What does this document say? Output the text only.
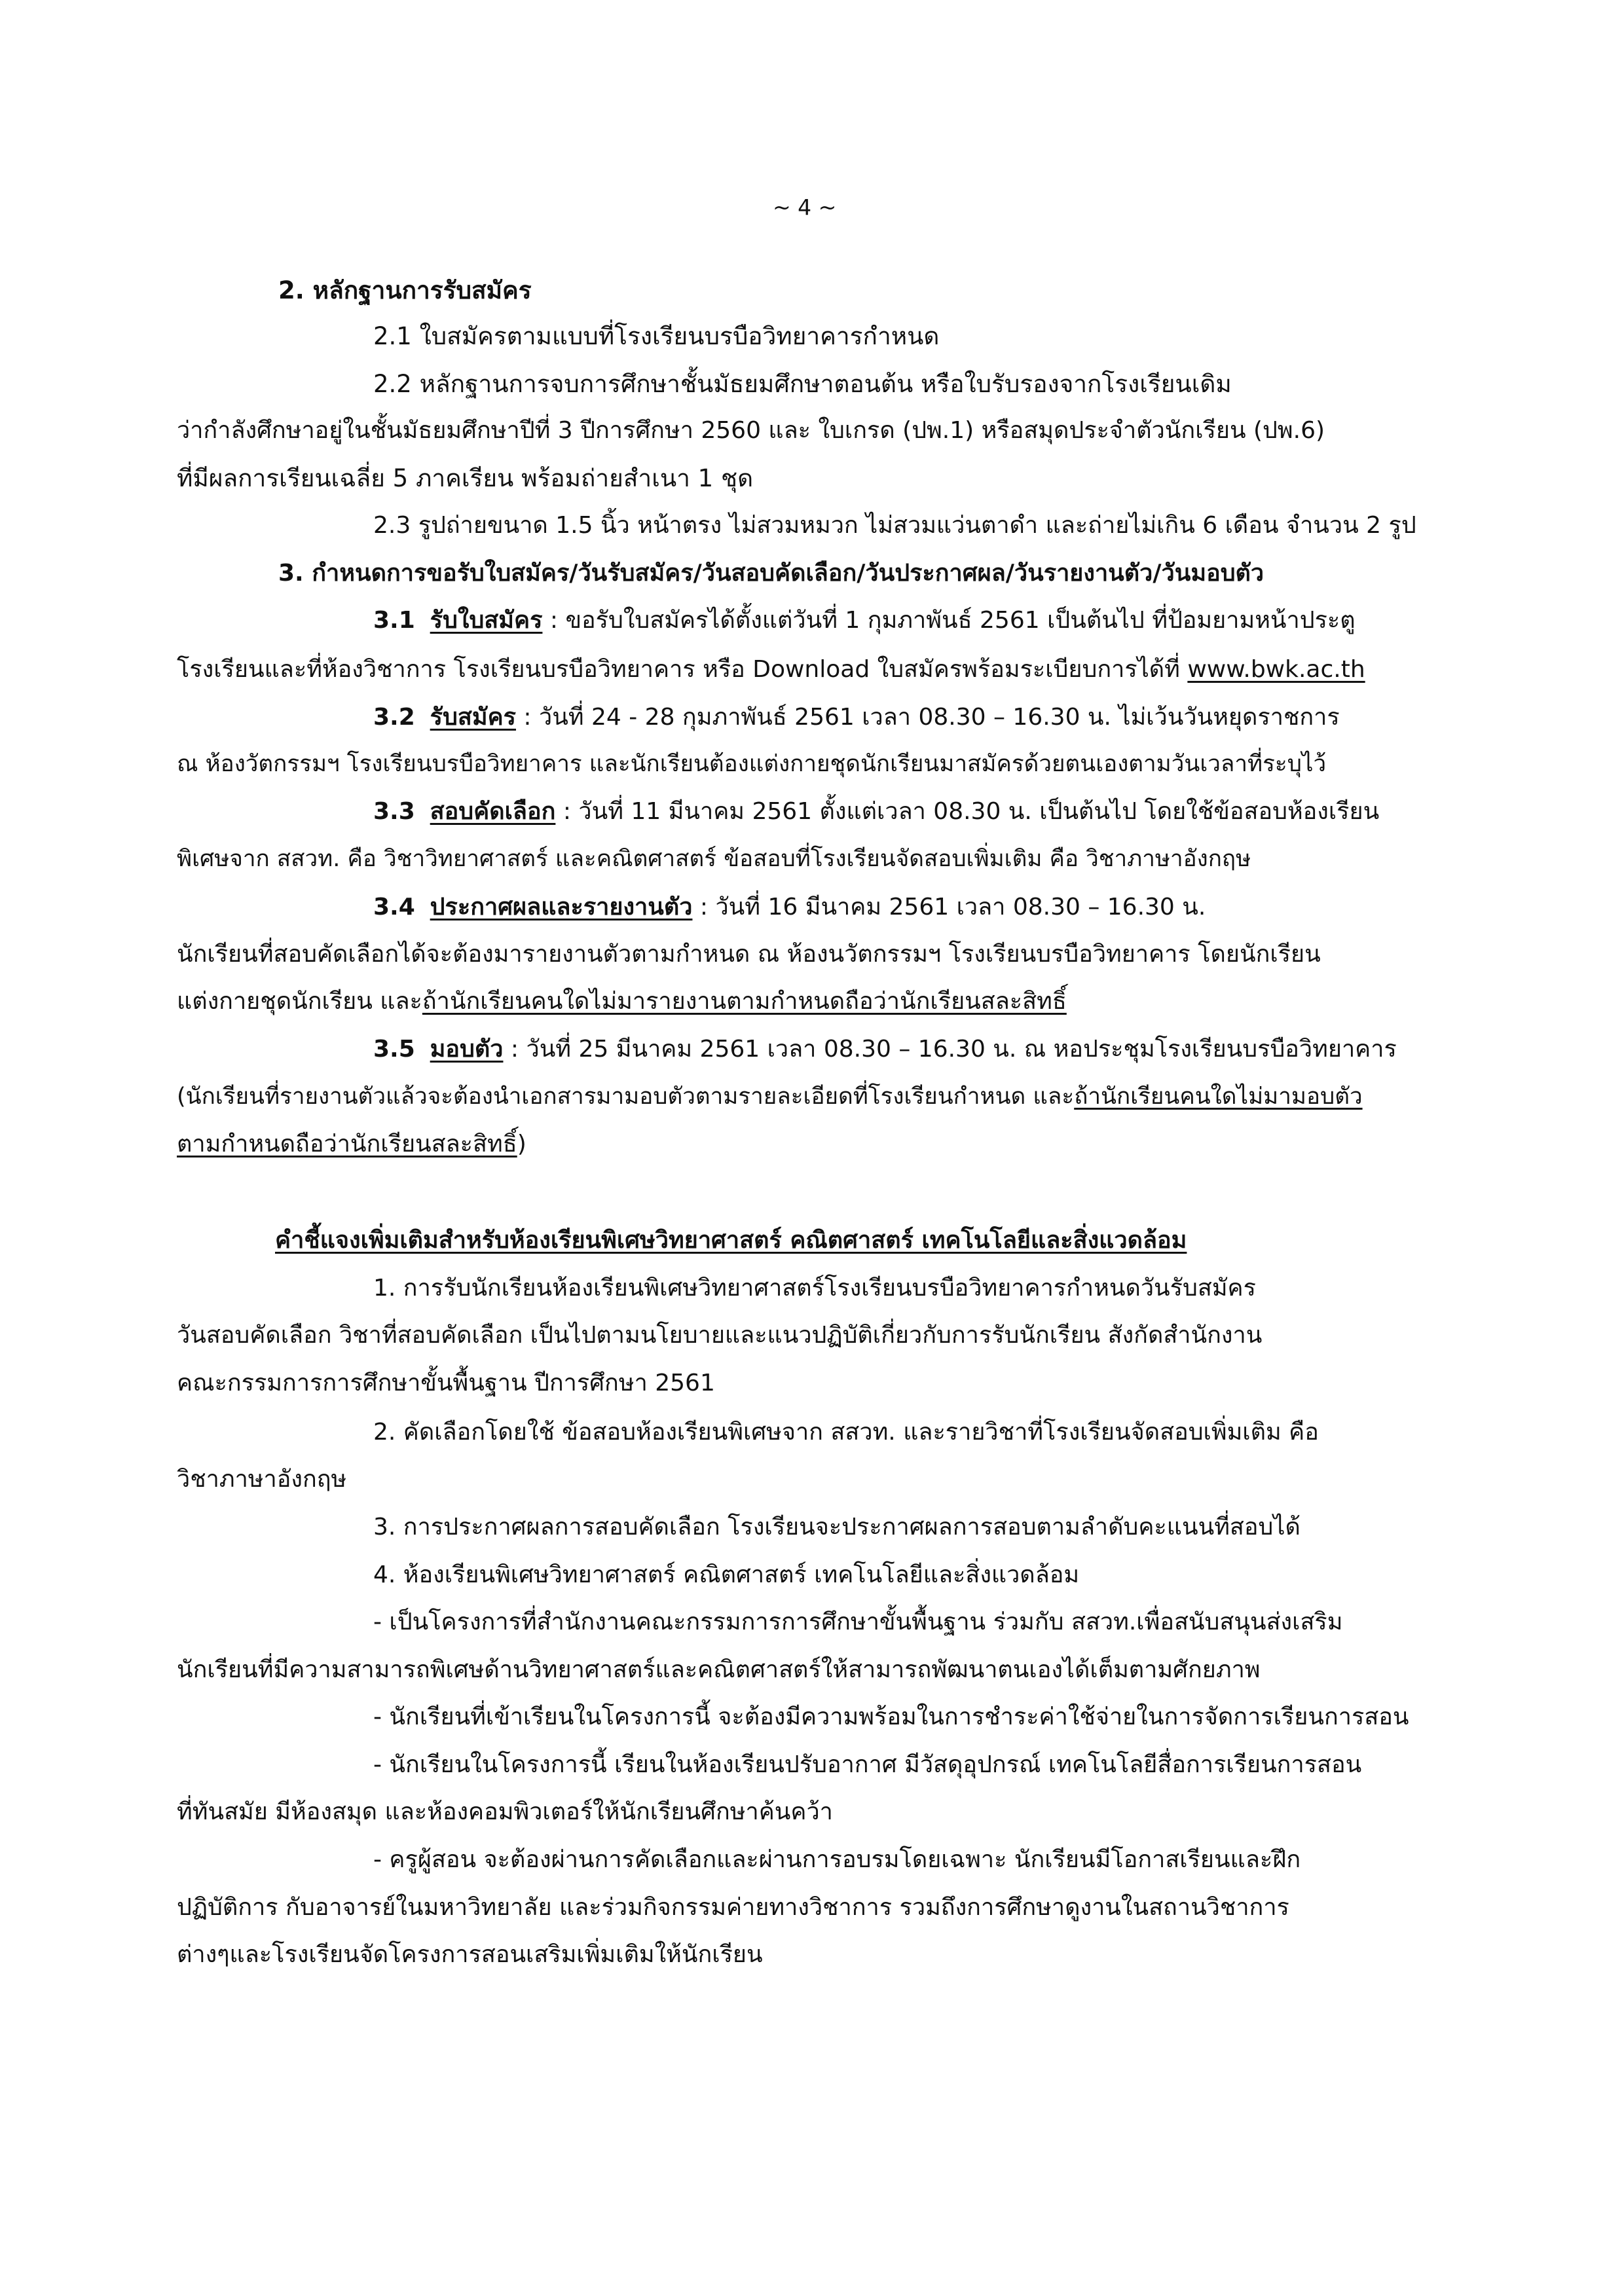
~ 4 ~
2. หลักฐานการรับสมัคร
2.1 ใบสมัครตามแบบที่โรงเรียนบรบือวิทยาคารกำหนด
2.2 หลักฐานการจบการศึกษาชั้นมัธยมศึกษาตอนต้น หรือใบรับรองจากโรงเรียนเดิม
ว่ากำลังศึกษาอยู่ในชั้นมัธยมศึกษาปีที่ 3 ปีการศึกษา 2560 และ ใบเกรด (ปพ.1) หรือสมุดประจำตัวนักเรียน (ปพ.6)
ที่มีผลการเรียนเฉลี่ย 5 ภาคเรียน พร้อมถ่ายสำเนา 1 ชุด
2.3 รูปถ่ายขนาด 1.5 นิ้ว หน้าตรง ไม่สวมหมวก ไม่สวมแว่นตาดำ และถ่ายไม่เกิน 6 เดือน จำนวน 2 รูป
3. กำหนดการขอรับใบสมัคร/วันรับสมัคร/วันสอบคัดเลือก/วันประกาศผล/วันรายงานตัว/วันมอบตัว
3.1 รับใบสมัคร : ขอรับใบสมัครได้ตั้งแต่วันที่ 1 กุมภาพันธ์ 2561 เป็นต้นไป ที่ป้อมยามหน้าประตู
โรงเรียนและที่ห้องวิชาการ โรงเรียนบรบือวิทยาคาร หรือ Download ใบสมัครพร้อมระเบียบการได้ที่ www.bwk.ac.th
3.2 รับสมัคร : วันที่ 24 - 28 กุมภาพันธ์ 2561 เวลา 08.30 – 16.30 น. ไม่เว้นวันหยุดราชการ
ณ ห้องวัตกรรมฯ โรงเรียนบรบือวิทยาคาร และนักเรียนต้องแต่งกายชุดนักเรียนมาสมัครด้วยตนเองตามวันเวลาที่ระบุไว้
3.3 สอบคัดเลือก : วันที่ 11 มีนาคม 2561 ตั้งแต่เวลา 08.30 น. เป็นต้นไป โดยใช้ข้อสอบห้องเรียน
พิเศษจาก สสวท. คือ วิชาวิทยาศาสตร์ และคณิตศาสตร์ ข้อสอบที่โรงเรียนจัดสอบเพิ่มเติม คือ วิชาภาษาอังกฤษ
3.4 ประกาศผลและรายงานตัว : วันที่ 16 มีนาคม 2561 เวลา 08.30 – 16.30 น.
นักเรียนที่สอบคัดเลือกได้จะต้องมารายงานตัวตามกำหนด ณ ห้องนวัตกรรมฯ โรงเรียนบรบือวิทยาคาร โดยนักเรียน
แต่งกายชุดนักเรียน และถ้านักเรียนคนใดไม่มารายงานตามกำหนดถือว่านักเรียนสละสิทธิ์
3.5 มอบตัว : วันที่ 25 มีนาคม 2561 เวลา 08.30 – 16.30 น. ณ หอประชุมโรงเรียนบรบือวิทยาคาร
(นักเรียนที่รายงานตัวแล้วจะต้องนำเอกสารมามอบตัวตามรายละเอียดที่โรงเรียนกำหนด และถ้านักเรียนคนใดไม่มามอบตัว
ตามกำหนดถือว่านักเรียนสละสิทธิ์)
คำชี้แจงเพิ่มเติมสำหรับห้องเรียนพิเศษวิทยาศาสตร์ คณิตศาสตร์ เทคโนโลยีและสิ่งแวดล้อม
1. การรับนักเรียนห้องเรียนพิเศษวิทยาศาสตร์โรงเรียนบรบือวิทยาคารกำหนดวันรับสมัคร
วันสอบคัดเลือก วิชาที่สอบคัดเลือก เป็นไปตามนโยบายและแนวปฏิบัติเกี่ยวกับการรับนักเรียน สังกัดสำนักงาน
คณะกรรมการการศึกษาขั้นพื้นฐาน ปีการศึกษา 2561
2. คัดเลือกโดยใช้ ข้อสอบห้องเรียนพิเศษจาก สสวท. และรายวิชาที่โรงเรียนจัดสอบเพิ่มเติม คือ
วิชาภาษาอังกฤษ
3. การประกาศผลการสอบคัดเลือก โรงเรียนจะประกาศผลการสอบตามลำดับคะแนนที่สอบได้
4. ห้องเรียนพิเศษวิทยาศาสตร์ คณิตศาสตร์ เทคโนโลยีและสิ่งแวดล้อม
- เป็นโครงการที่สำนักงานคณะกรรมการการศึกษาขั้นพื้นฐาน ร่วมกับ สสวท.เพื่อสนับสนุนส่งเสริม
นักเรียนที่มีความสามารถพิเศษด้านวิทยาศาสตร์และคณิตศาสตร์ให้สามารถพัฒนาตนเองได้เต็มตามศักยภาพ
- นักเรียนที่เข้าเรียนในโครงการนี้ จะต้องมีความพร้อมในการชำระค่าใช้จ่ายในการจัดการเรียนการสอน
- นักเรียนในโครงการนี้ เรียนในห้องเรียนปรับอากาศ มีวัสดุอุปกรณ์ เทคโนโลยีสื่อการเรียนการสอน
ที่ทันสมัย มีห้องสมุด และห้องคอมพิวเตอร์ให้นักเรียนศึกษาค้นคว้า
- ครูผู้สอน จะต้องผ่านการคัดเลือกและผ่านการอบรมโดยเฉพาะ นักเรียนมีโอกาสเรียนและฝึก
ปฏิบัติการ กับอาจารย์ในมหาวิทยาลัย และร่วมกิจกรรมค่ายทางวิชาการ รวมถึงการศึกษาดูงานในสถานวิชาการ
ต่างๆและโรงเรียนจัดโครงการสอนเสริมเพิ่มเติมให้นักเรียน
